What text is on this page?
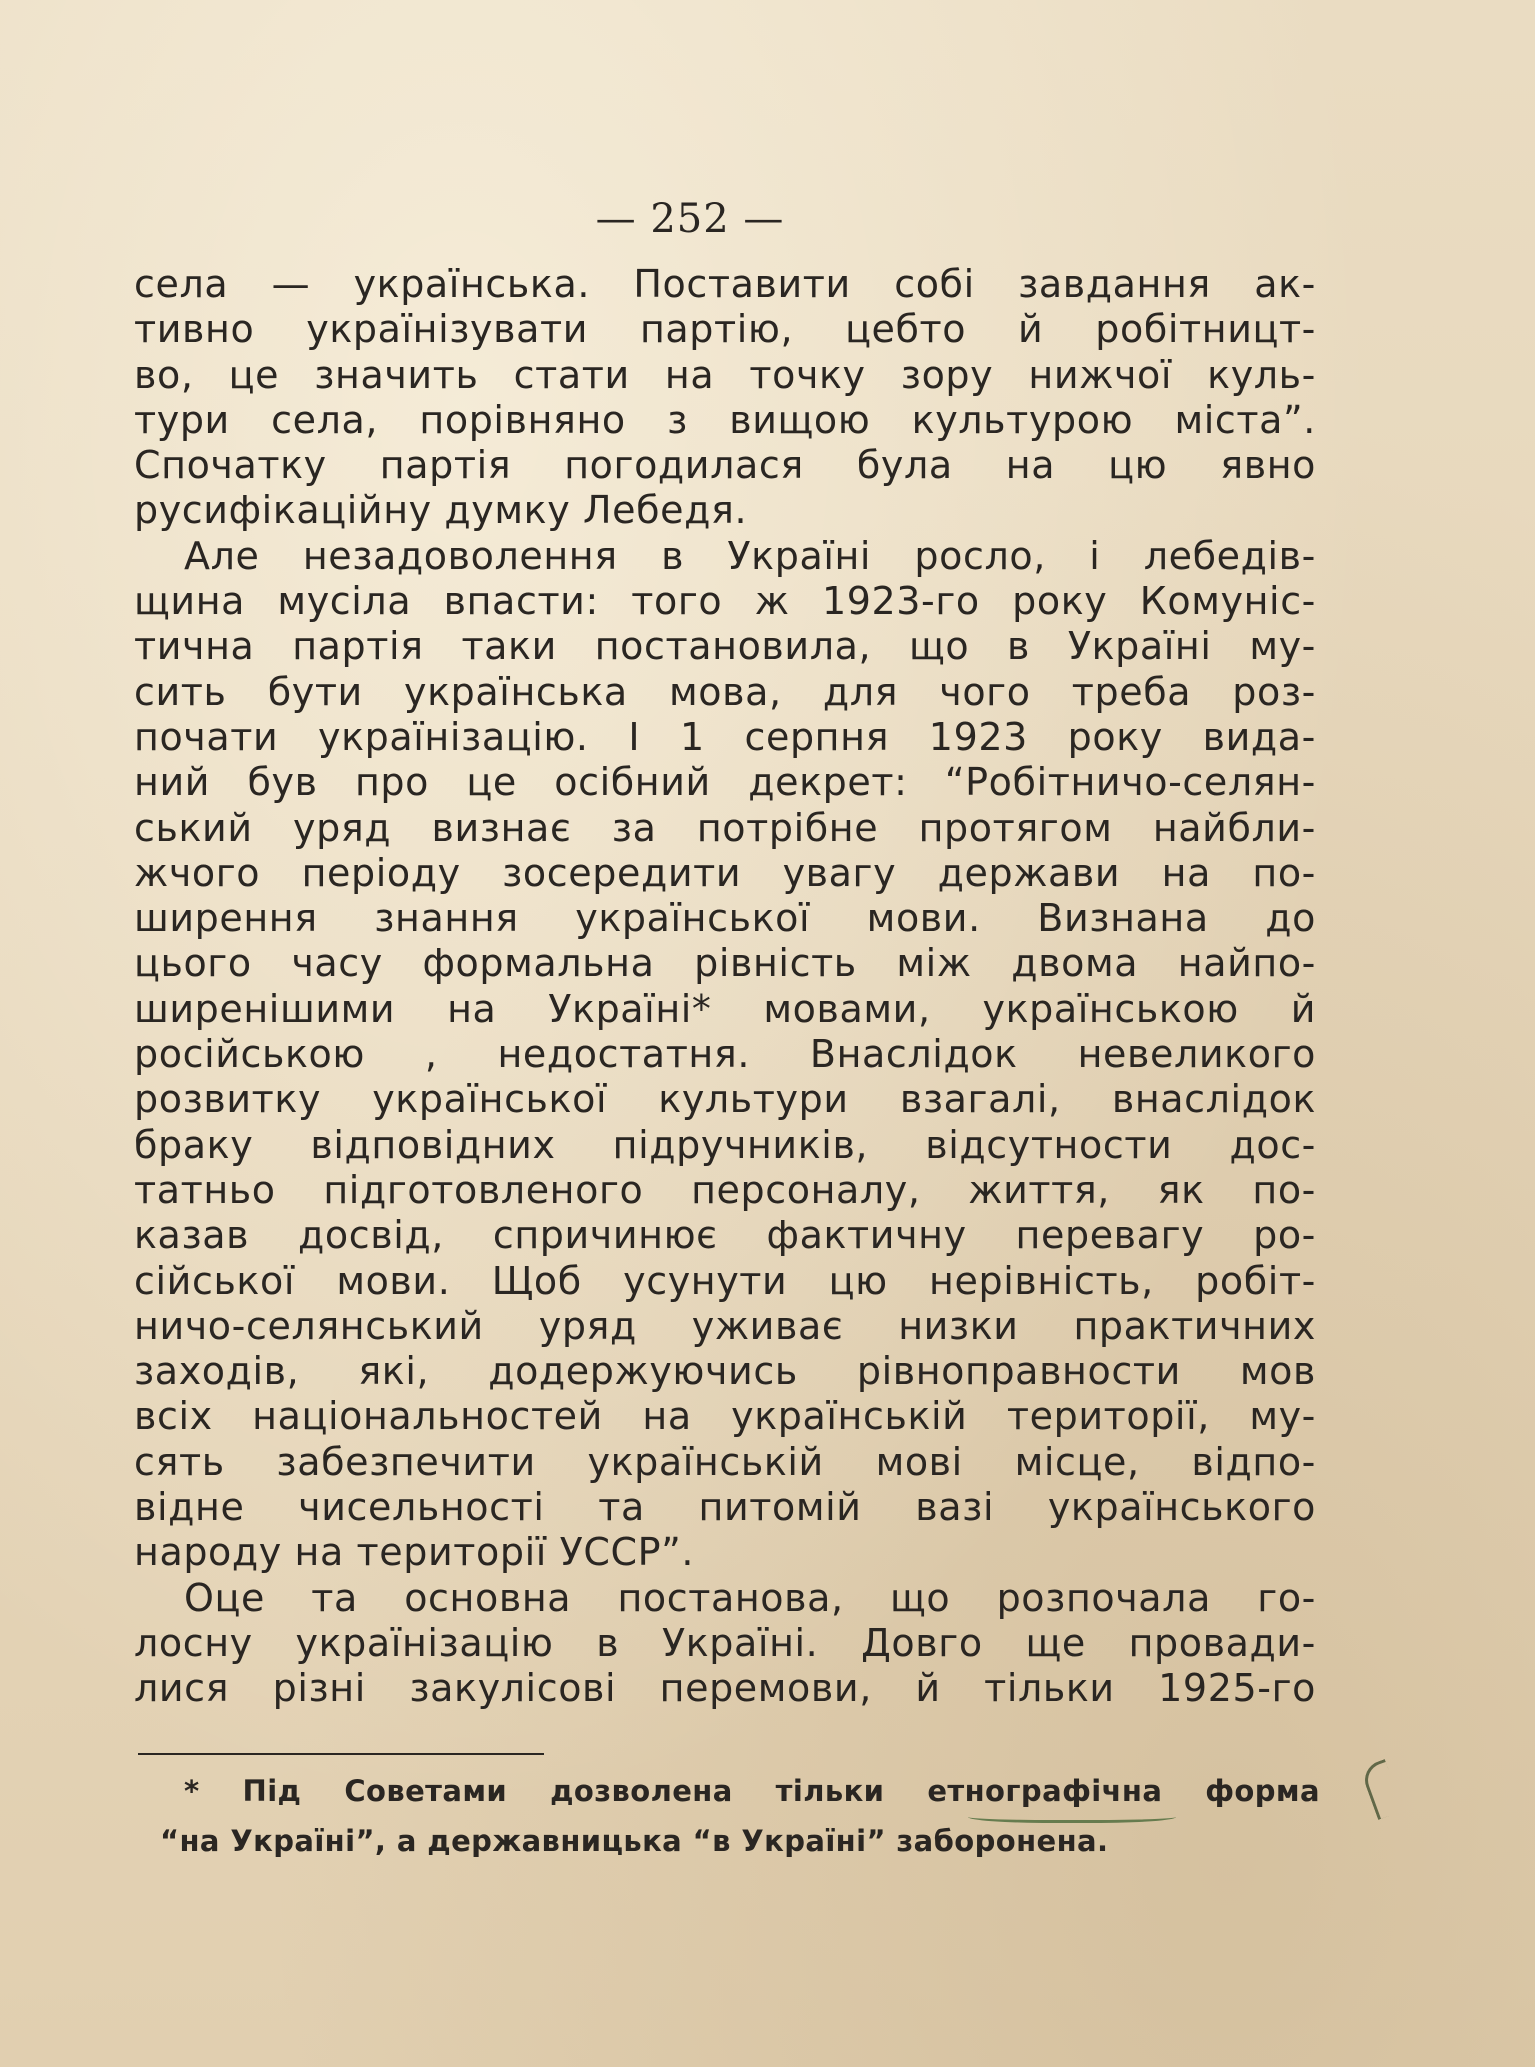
— 252 —
села — українська. Поставити собі завдання ак-
тивно українізувати партію, цебто й робітницт-
во, це значить стати на точку зору нижчої куль-
тури села, порівняно з вищою культурою міста”.
Спочатку партія погодилася була на цю явно
русифікаційну думку Лебедя.
Але незадоволення в Україні росло, і лебедів-
щина мусіла впасти: того ж 1923-го року Комуніс-
тична партія таки постановила, що в Україні му-
сить бути українська мова, для чого треба роз-
почати українізацію. І 1 серпня 1923 року вида-
ний був про це осібний декрет: “Робітничо-селян-
ський уряд визнає за потрібне протягом найбли-
жчого періоду зосередити увагу держави на по-
ширення знання української мови. Визнана до
цього часу формальна рівність між двома найпо-
ширенішими на Україні* мовами, українською й
російською , недостатня. Внаслідок невеликого
розвитку української культури взагалі, внаслідок
браку відповідних підручників, відсутности дос-
татньо підготовленого персоналу, життя, як по-
казав досвід, спричинює фактичну перевагу ро-
сійської мови. Щоб усунути цю нерівність, робіт-
ничо-селянський уряд уживає низки практичних
заходів, які, додержуючись рівноправности мов
всіх національностей на українській території, му-
сять забезпечити українській мові місце, відпо-
відне чисельності та питомій вазі українського
народу на території УССР”.
Оце та основна постанова, що розпочала го-
лосну українізацію в Україні. Довго ще провади-
лися різні закулісові перемови, й тільки 1925-го
* Під Советами дозволена тільки етнографічна форма
“на Україні”, а державницька “в Україні” заборонена.
